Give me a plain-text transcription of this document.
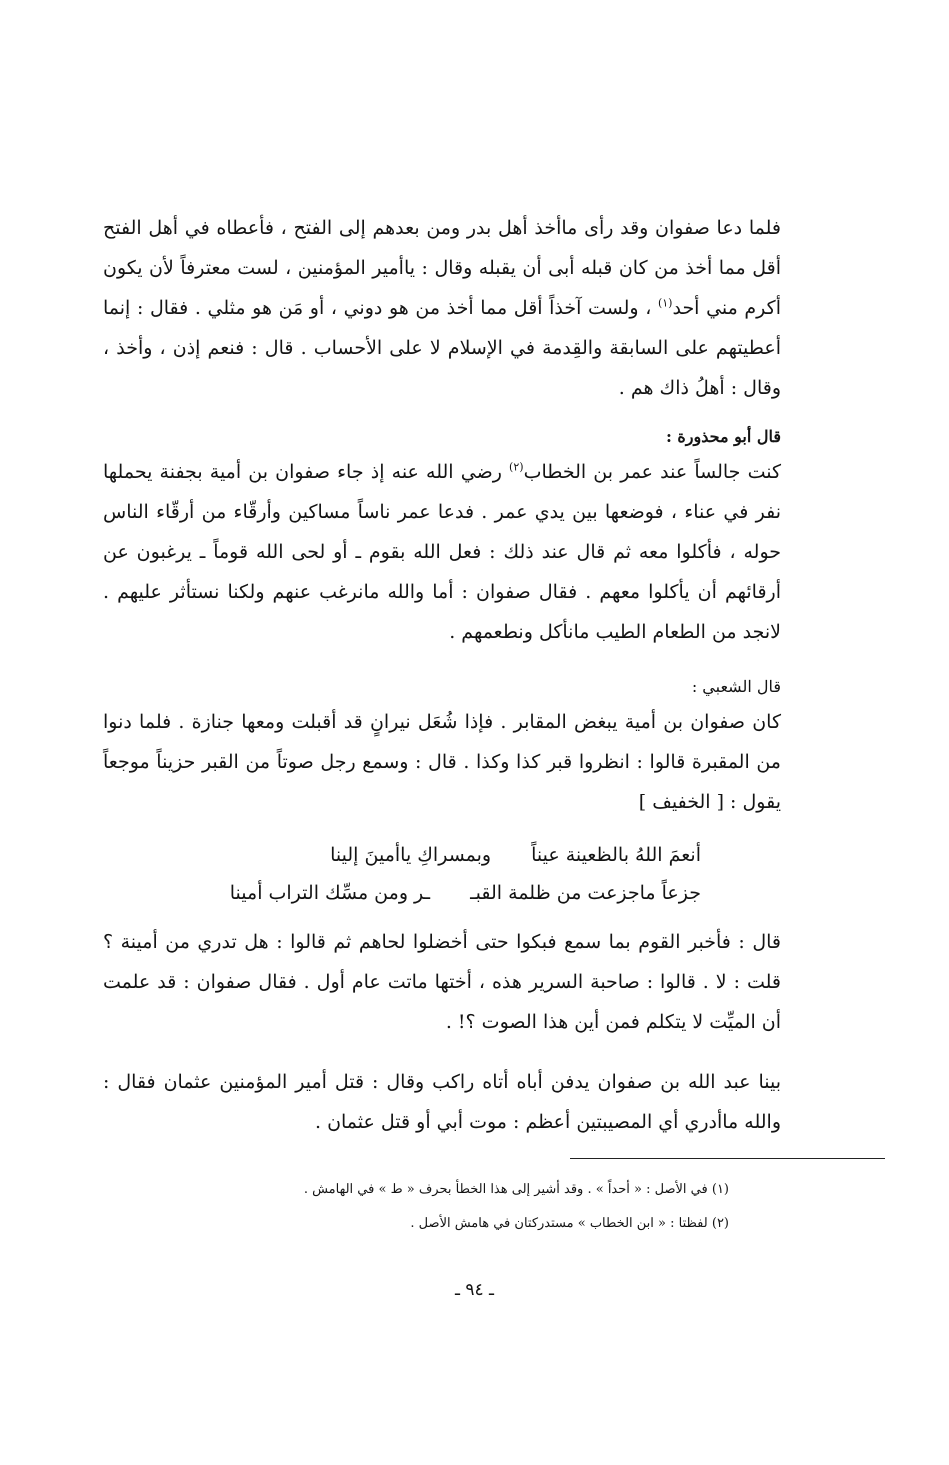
فلما دعا صفوان وقد رأى ماأخذ أهل بدر ومن بعدهم إلى الفتح ، فأعطاه في أهل الفتح أقل مما أخذ من كان قبله أبى أن يقبله وقال : ياأمير المؤمنين ، لست معترفاً لأن يكون أكرم مني أحد$^{(١)}$ ، ولست آخذاً أقل مما أخذ من هو دوني ، أو مَن هو مثلي . فقال : إنما أعطيتهم على السابقة والقِدمة في الإسلام لا على الأحساب . قال : فنعم إذن ، وأخذ ، وقال : أهلُ ذاك هم .

قال أبو محذورة :

كنت جالساً عند عمر بن الخطاب$^{(٢)}$ رضي الله عنه إذ جاء صفوان بن أمية بجفنة يحملها نفر في عناء ، فوضعها بين يدي عمر . فدعا عمر ناساً مساكين وأرقّاء من أرقّاء الناس حوله ، فأكلوا معه ثم قال عند ذلك : فعل الله بقوم ـ أو لحى الله قوماً ـ يرغبون عن أرقائهم أن يأكلوا معهم . فقال صفوان : أما والله مانرغب عنهم ولكنا نستأثر عليهم . لانجد من الطعام الطيب مانأكل ونطعمهم .

قال الشعبي :

كان صفوان بن أمية يبغض المقابر . فإذا شُعَل نيرانٍ قد أقبلت ومعها جنازة . فلما دنوا من المقبرة قالوا : انظروا قبر كذا وكذا . قال : وسمع رجل صوتاً من القبر حزيناً موجعاً يقول : [ الخفيف ]

أنعمَ اللهُ بالظعينة عيناً
وبمسراكِ ياأمينَ إلينا
جزعاً ماجزعت من ظلمة القبـ
ـر ومن مسِّك التراب أمينا

قال : فأخبر القوم بما سمع فبكوا حتى أخضلوا لحاهم ثم قالوا : هل تدري من أمينة ؟ قلت : لا . قالوا : صاحبة السرير هذه ، أختها ماتت عام أول . فقال صفوان : قد علمت أن الميِّت لا يتكلم فمن أين هذا الصوت ؟! .

بينا عبد الله بن صفوان يدفن أباه أتاه راكب وقال : قتل أمير المؤمنين عثمان فقال : والله ماأدري أي المصيبتين أعظم : موت أبي أو قتل عثمان .

(١) في الأصل : « أحداً » . وقد أشير إلى هذا الخطأ بحرف « ط » في الهامش .
(٢) لفظتا : « ابن الخطاب » مستدركتان في هامش الأصل .
ـ ٩٤ ـ
